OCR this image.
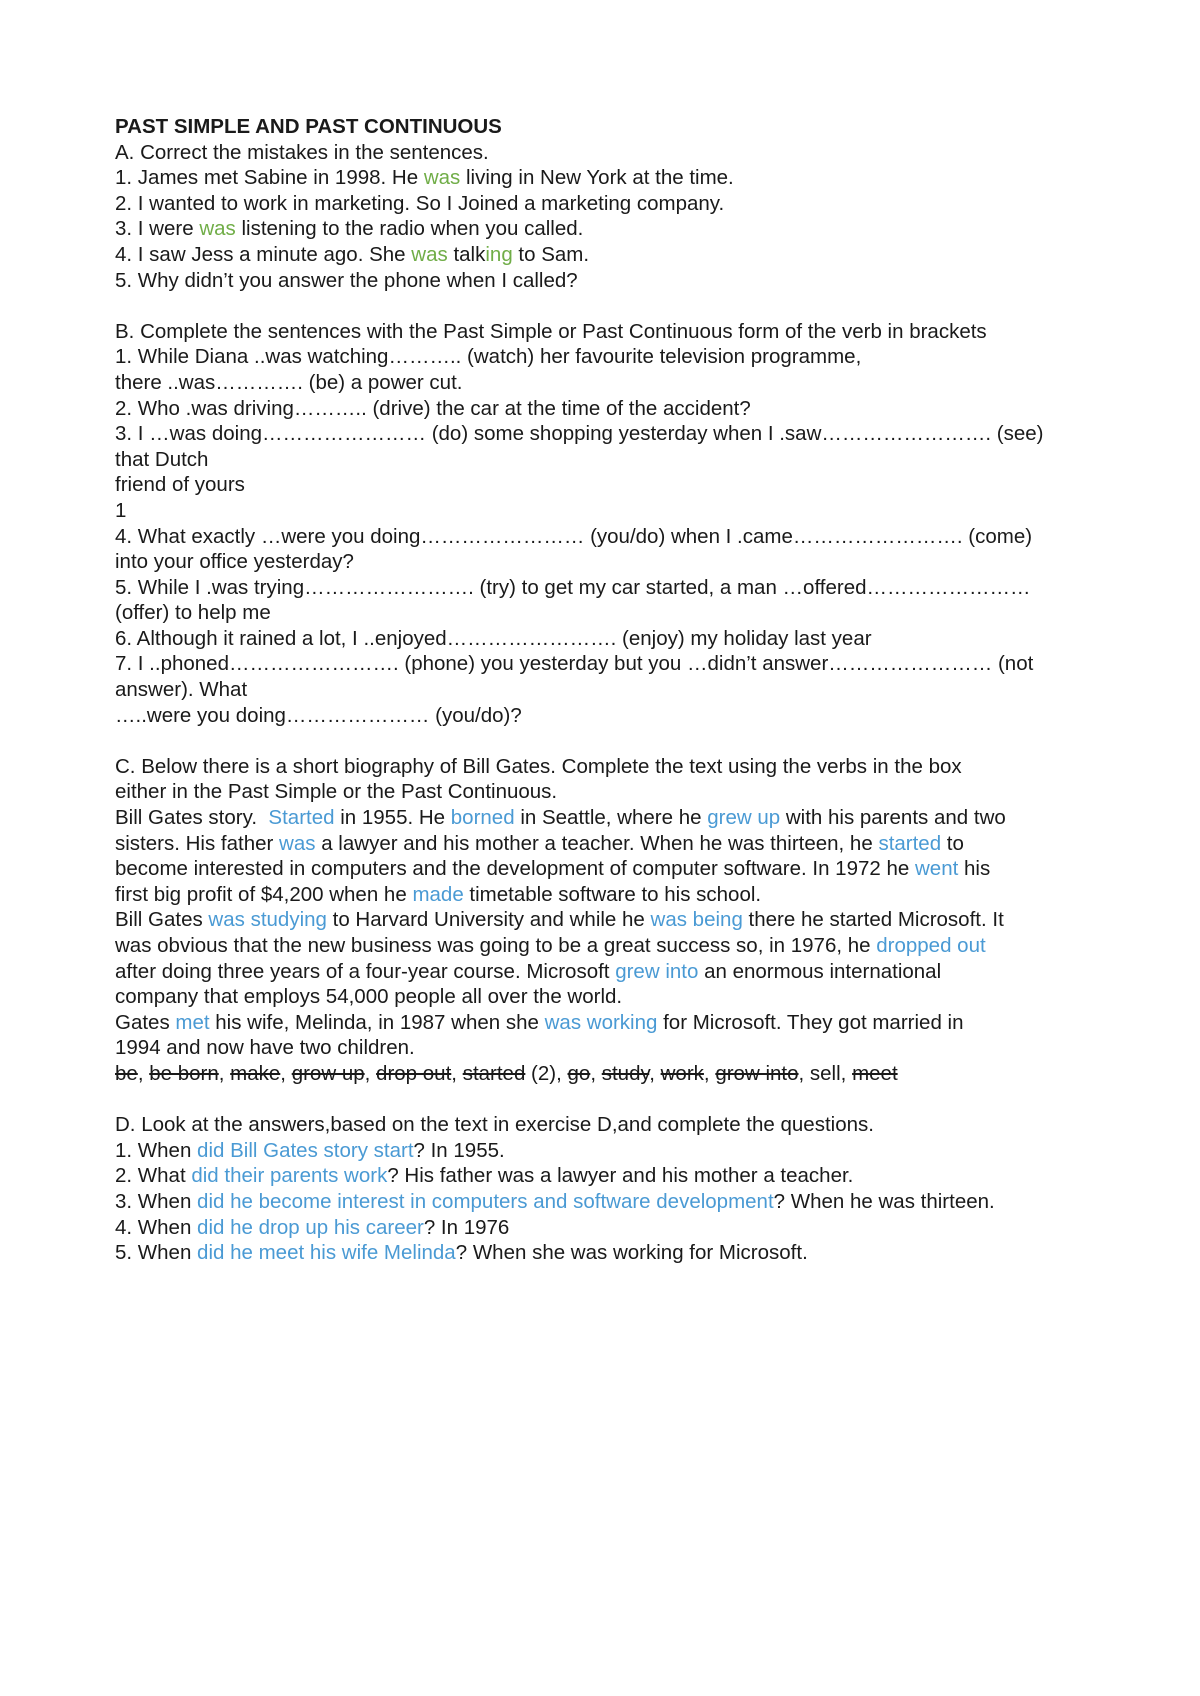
PAST SIMPLE AND PAST CONTINUOUS
A. Correct the mistakes in the sentences.
1. James met Sabine in 1998. He was living in New York at the time.
2. I wanted to work in marketing. So I Joined a marketing company.
3. I were was listening to the radio when you called.
4. I saw Jess a minute ago. She was talking to Sam.
5. Why didn’t you answer the phone when I called?
B. Complete the sentences with the Past Simple or Past Continuous form of the verb in brackets
1. While Diana ..was watching……….. (watch) her favourite television programme,
there ..was…………. (be) a power cut.
2. Who .was driving……….. (drive) the car at the time of the accident?
3. I …was doing…………………… (do) some shopping yesterday when I .saw……………………. (see)
that Dutch
friend of yours
1
4. What exactly …were you doing…………………… (you/do) when I .came……………………. (come)
into your office yesterday?
5. While I .was trying……………………. (try) to get my car started, a man …offered……………………
(offer) to help me
6. Although it rained a lot, I ..enjoyed……………………. (enjoy) my holiday last year
7. I ..phoned……………………. (phone) you yesterday but you …didn’t answer…………………… (not
answer). What
…..were you doing………………… (you/do)?
C. Below there is a short biography of Bill Gates. Complete the text using the verbs in the box
either in the Past Simple or the Past Continuous.
Bill Gates story.  Started in 1955. He borned in Seattle, where he grew up with his parents and two
sisters. His father was a lawyer and his mother a teacher. When he was thirteen, he started to
become interested in computers and the development of computer software. In 1972 he went his
first big profit of $4,200 when he made timetable software to his school.
Bill Gates was studying to Harvard University and while he was being there he started Microsoft. It
was obvious that the new business was going to be a great success so, in 1976, he dropped out
after doing three years of a four-year course. Microsoft grew into an enormous international
company that employs 54,000 people all over the world.
Gates met his wife, Melinda, in 1987 when she was working for Microsoft. They got married in
1994 and now have two children.
be, be born, make, grow up, drop out, started (2), go, study, work, grow into, sell, meet
D. Look at the answers,based on the text in exercise D,and complete the questions.
1. When did Bill Gates story start? In 1955.
2. What did their parents work? His father was a lawyer and his mother a teacher.
3. When did he become interest in computers and software development? When he was thirteen.
4. When did he drop up his career? In 1976
5. When did he meet his wife Melinda? When she was working for Microsoft.
